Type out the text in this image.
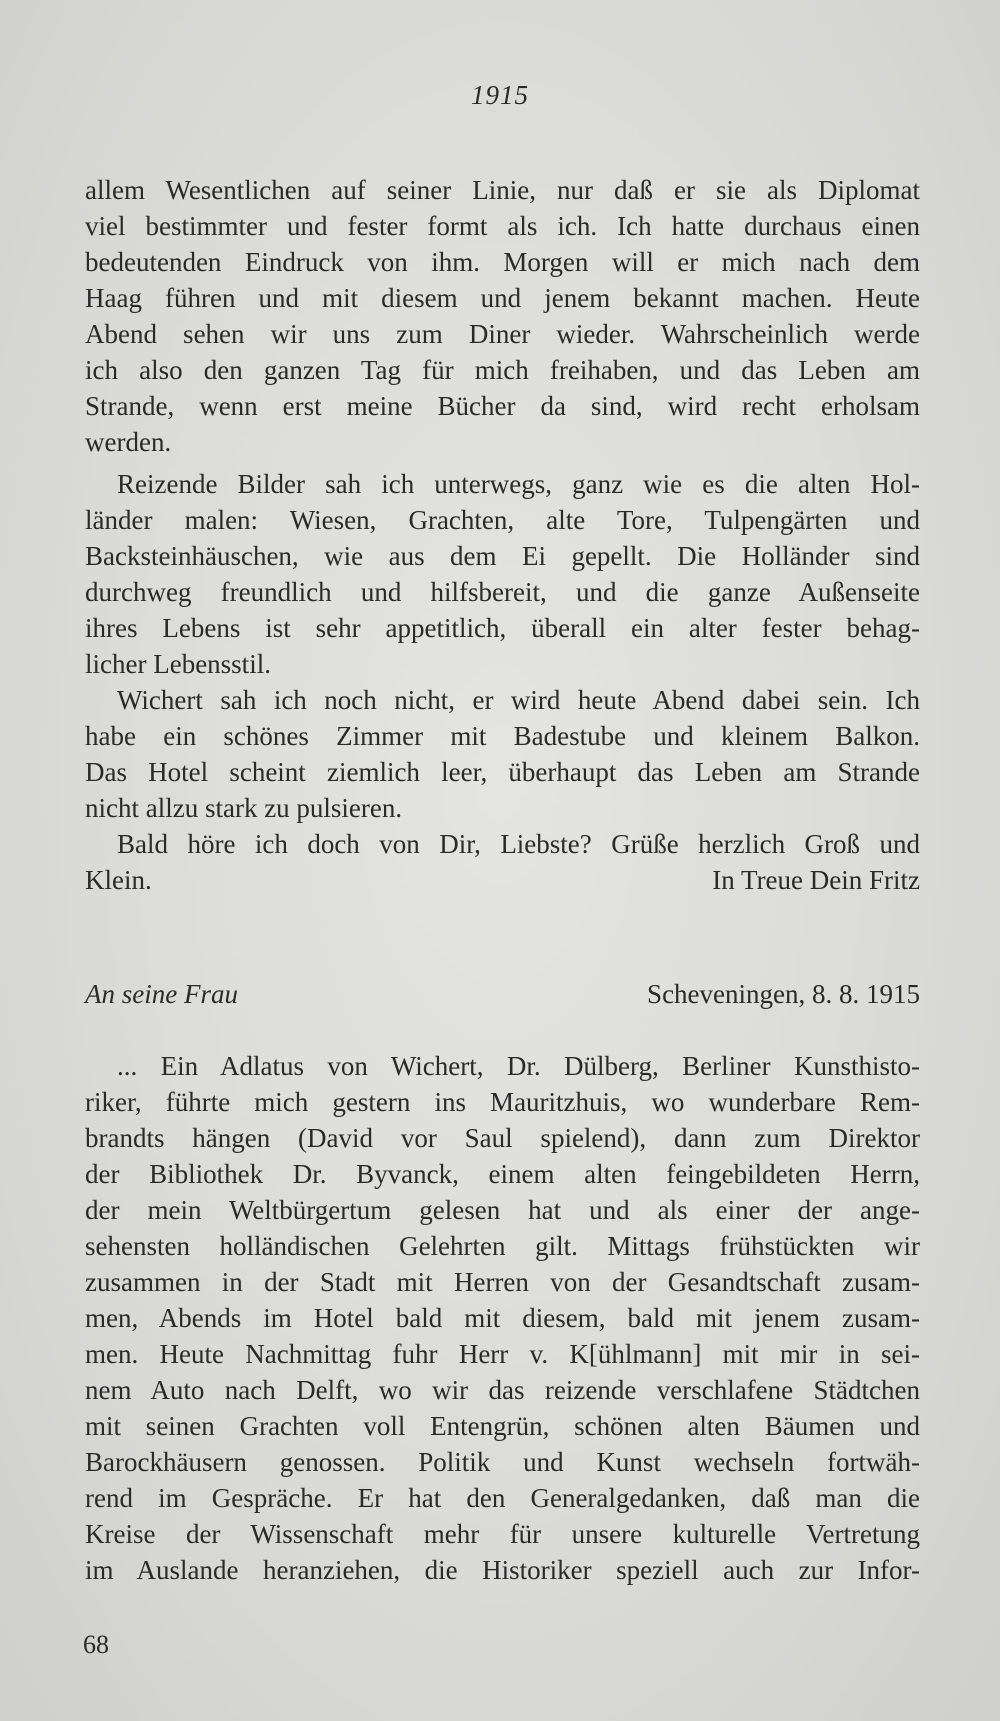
1915
allem Wesentlichen auf seiner Linie, nur daß er sie als Diplomat
viel bestimmter und fester formt als ich. Ich hatte durchaus einen
bedeutenden Eindruck von ihm. Morgen will er mich nach dem
Haag führen und mit diesem und jenem bekannt machen. Heute
Abend sehen wir uns zum Diner wieder. Wahrscheinlich werde
ich also den ganzen Tag für mich freihaben, und das Leben am
Strande, wenn erst meine Bücher da sind, wird recht erholsam
werden.
Reizende Bilder sah ich unterwegs, ganz wie es die alten Hol-
länder malen: Wiesen, Grachten, alte Tore, Tulpengärten und
Backsteinhäuschen, wie aus dem Ei gepellt. Die Holländer sind
durchweg freundlich und hilfsbereit, und die ganze Außenseite
ihres Lebens ist sehr appetitlich, überall ein alter fester behag-
licher Lebensstil.
Wichert sah ich noch nicht, er wird heute Abend dabei sein. Ich
habe ein schönes Zimmer mit Badestube und kleinem Balkon.
Das Hotel scheint ziemlich leer, überhaupt das Leben am Strande
nicht allzu stark zu pulsieren.
Bald höre ich doch von Dir, Liebste? Grüße herzlich Groß und
Klein.	In Treue Dein Fritz
An seine Frau	Scheveningen, 8. 8. 1915
... Ein Adlatus von Wichert, Dr. Dülberg, Berliner Kunsthisto-
riker, führte mich gestern ins Mauritzhuis, wo wunderbare Rem-
brandts hängen (David vor Saul spielend), dann zum Direktor
der Bibliothek Dr. Byvanck, einem alten feingebildeten Herrn,
der mein Weltbürgertum gelesen hat und als einer der ange-
sehensten holländischen Gelehrten gilt. Mittags frühstückten wir
zusammen in der Stadt mit Herren von der Gesandtschaft zusam-
men, Abends im Hotel bald mit diesem, bald mit jenem zusam-
men. Heute Nachmittag fuhr Herr v. K[ühlmann] mit mir in sei-
nem Auto nach Delft, wo wir das reizende verschlafene Städtchen
mit seinen Grachten voll Entengrün, schönen alten Bäumen und
Barockhäusern genossen. Politik und Kunst wechseln fortwäh-
rend im Gespräche. Er hat den Generalgedanken, daß man die
Kreise der Wissenschaft mehr für unsere kulturelle Vertretung
im Auslande heranziehen, die Historiker speziell auch zur Infor-
68
